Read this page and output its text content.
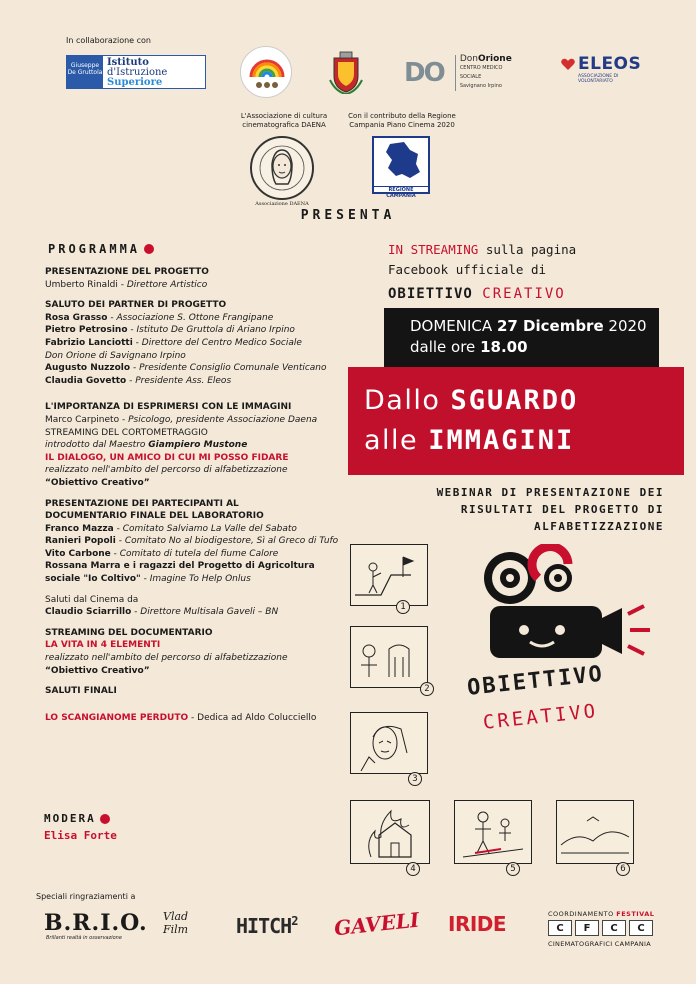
In collaborazione con
Giuseppe De Gruttola
Istituto
d'Istruzione
Superiore	DO	DonOrione
CENTRO MEDICO SOCIALE
Savignano Irpino
ELEOS
ASSOCIAZIONE DI VOLONTARIATO
L'Associazione di cultura cinematografica DAENA
Associazione DAENA
Con il contributo della Regione Campania Piano Cinema 2020
REGIONE CAMPANIA
PRESENTA
PROGRAMMA
PRESENTAZIONE DEL PROGETTO
Umberto Rinaldi - Direttore Artistico
SALUTO DEI PARTNER DI PROGETTO
Rosa Grasso - Associazione S. Ottone Frangipane
Pietro Petrosino - Istituto De Gruttola di Ariano Irpino
Fabrizio Lanciotti - Direttore del Centro Medico Sociale
Don Orione di Savignano Irpino
Augusto Nuzzolo - Presidente Consiglio Comunale Venticano
Claudia Govetto - Presidente Ass. Eleos
L'IMPORTANZA DI ESPRIMERSI CON LE IMMAGINI
Marco Carpineto - Psicologo, presidente Associazione Daena
STREAMING DEL CORTOMETRAGGIO
introdotto dal Maestro Giampiero Mustone
IL DIALOGO, UN AMICO DI CUI MI POSSO FIDARE
realizzato nell'ambito del percorso di alfabetizzazione
“Obiettivo Creativo”
PRESENTAZIONE DEI PARTECIPANTI AL
DOCUMENTARIO FINALE DEL LABORATORIO
Franco Mazza - Comitato Salviamo La Valle del Sabato
Ranieri Popoli - Comitato No al biodigestore, Sì al Greco di Tufo
Vito Carbone - Comitato di tutela del fiume Calore
Rossana Marra e i ragazzi del Progetto di Agricoltura
sociale "Io Coltivo" - Imagine To Help Onlus
Saluti dal Cinema da
Claudio Sciarrillo - Direttore Multisala Gaveli – BN
STREAMING DEL DOCUMENTARIO
LA VITA IN 4 ELEMENTI
realizzato nell'ambito del percorso di alfabetizzazione
“Obiettivo Creativo”
SALUTI FINALI
LO SCANGIANOME PERDUTO - Dedica ad Aldo Colucciello
MODERA
Elisa Forte
IN STREAMING sulla pagina
Facebook ufficiale di
OBIETTIVO CREATIVO
DOMENICA 27 Dicembre 2020
dalle ore 18.00
Dallo SGUARDO
alle IMMAGINI
WEBINAR DI PRESENTAZIONE DEI
RISULTATI DEL PROGETTO DI
ALFABETIZZAZIONE
1
2
3
4	5	6
OBIETTIVO
CREATIVO
Speciali ringraziamenti a
B.R.I.O.
Brillanti realtà in osservazione
Vlad
Film HITCH$^2$ GAVELI IRIDE	COORDINAMENTO FESTIVAL
C	F	C	C
CINEMATOGRAFICI CAMPANIA
